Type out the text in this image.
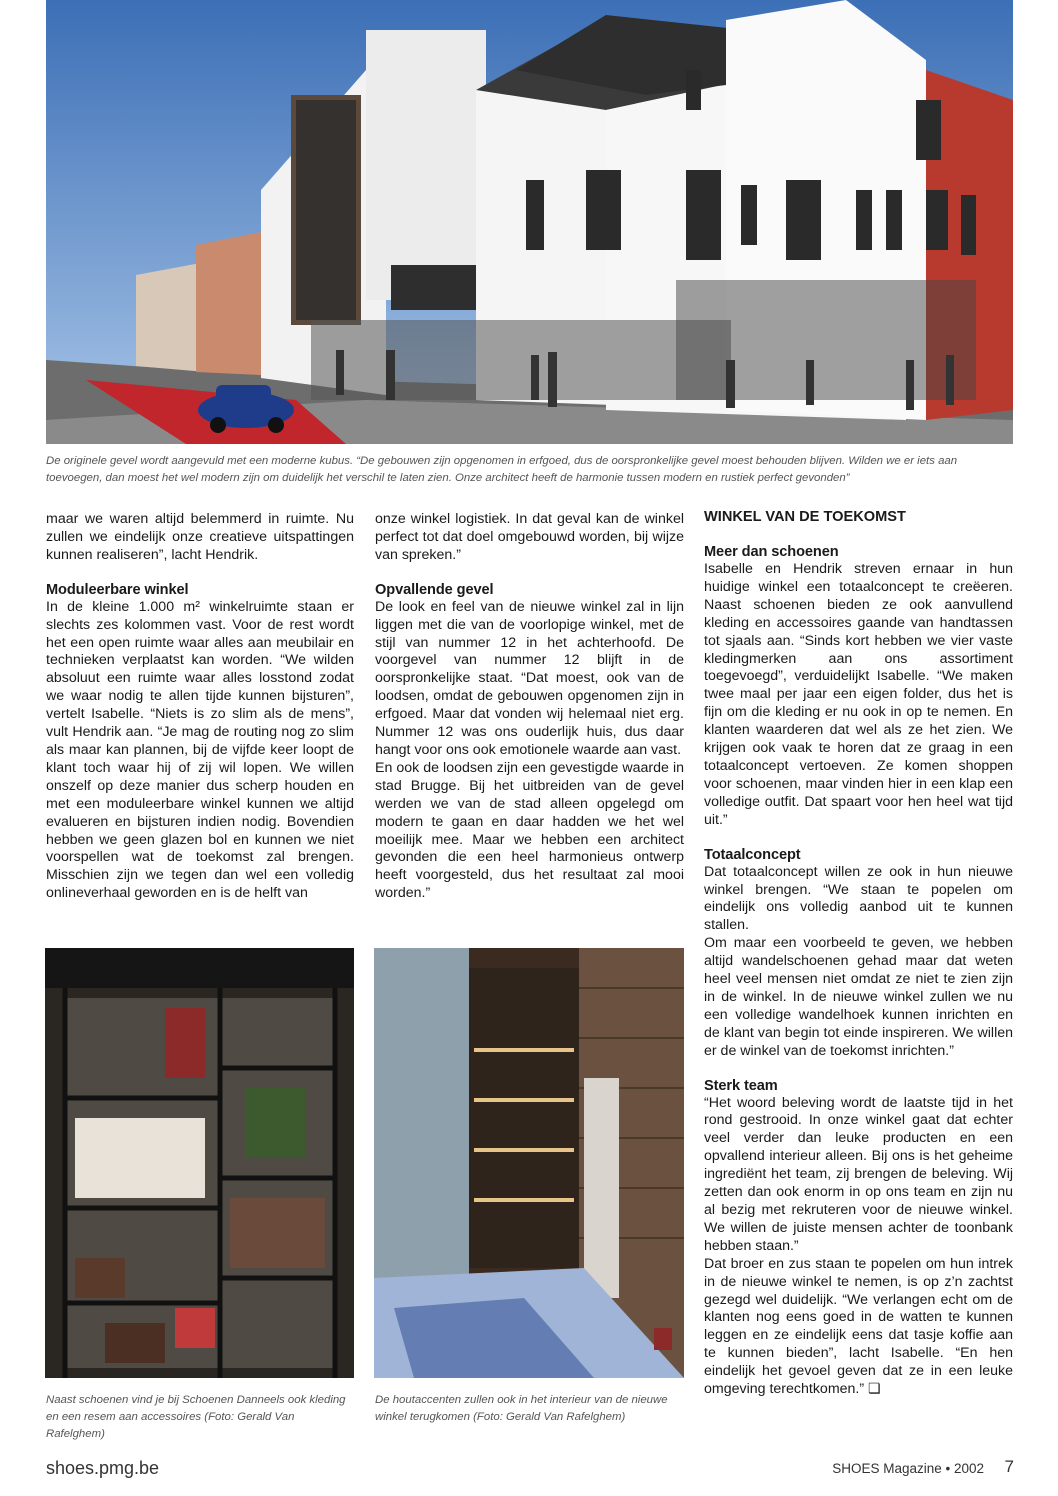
De originele gevel wordt aangevuld met een moderne kubus. “De gebouwen zijn opgenomen in erfgoed, dus de oorspronkelijke gevel moest behouden blijven. Wilden we er iets aan toevoegen, dan moest het wel modern zijn om duidelijk het verschil te laten zien. Onze architect heeft de harmonie tussen modern en rustiek perfect gevonden”

maar we waren altijd belemmerd in ruimte. Nu zullen we eindelijk onze creatieve uitspattingen kunnen realiseren”, lacht Hendrik.

Moduleerbare winkel

In de kleine 1.000 m² winkelruimte staan er slechts zes kolommen vast. Voor de rest wordt het een open ruimte waar alles aan meubilair en technieken verplaatst kan worden. “We wilden absoluut een ruimte waar alles losstond zodat we waar nodig te allen tijde kunnen bijsturen”, vertelt Isabelle. “Niets is zo slim als de mens”, vult Hendrik aan. “Je mag de routing nog zo slim als maar kan plannen, bij de vijfde keer loopt de klant toch waar hij of zij wil lopen. We willen onszelf op deze manier dus scherp houden en met een moduleerbare winkel kunnen we altijd evalueren en bijsturen indien nodig. Bovendien hebben we geen glazen bol en kunnen we niet voorspellen wat de toekomst zal brengen. Misschien zijn we tegen dan wel een volledig onlineverhaal geworden en is de helft van

onze winkel logistiek. In dat geval kan de winkel perfect tot dat doel omgebouwd worden, bij wijze van spreken.”

Opvallende gevel

De look en feel van de nieuwe winkel zal in lijn liggen met die van de voorlopige winkel, met de stijl van nummer 12 in het achterhoofd. De voorgevel van nummer 12 blijft in de oorspronkelijke staat. “Dat moest, ook van de loodsen, omdat de gebouwen opgenomen zijn in erfgoed. Maar dat vonden wij helemaal niet erg. Nummer 12 was ons ouderlijk huis, dus daar hangt voor ons ook emotionele waarde aan vast.

En ook de loodsen zijn een gevestigde waarde in stad Brugge. Bij het uitbreiden van de gevel werden we van de stad alleen opgelegd om modern te gaan en daar hadden we het wel moeilijk mee. Maar we hebben een architect gevonden die een heel harmonieus ontwerp heeft voorgesteld, dus het resultaat zal mooi worden.”

WINKEL VAN DE TOEKOMST
Meer dan schoenen

Isabelle en Hendrik streven ernaar in hun huidige winkel een totaalconcept te creëeren. Naast schoenen bieden ze ook aanvullend kleding en accessoires gaande van handtassen tot sjaals aan. “Sinds kort hebben we vier vaste kledingmerken aan ons assortiment toegevoegd”, verduidelijkt Isabelle. “We maken twee maal per jaar een eigen folder, dus het is fijn om die kleding er nu ook in op te nemen. En klanten waarderen dat wel als ze het zien. We krijgen ook vaak te horen dat ze graag in een totaalconcept vertoeven. Ze komen shoppen voor schoenen, maar vinden hier in een klap een volledige outfit. Dat spaart voor hen heel wat tijd uit.”

Totaalconcept

Dat totaalconcept willen ze ook in hun nieuwe winkel brengen. “We staan te popelen om eindelijk ons volledig aanbod uit te kunnen stallen.

Om maar een voorbeeld te geven, we hebben altijd wandelschoenen gehad maar dat weten heel veel mensen niet omdat ze niet te zien zijn in de winkel. In de nieuwe winkel zullen we nu een volledige wandelhoek kunnen inrichten en de klant van begin tot einde inspireren. We willen er de winkel van de toekomst inrichten.”

Sterk team

“Het woord beleving wordt de laatste tijd in het rond gestrooid. In onze winkel gaat dat echter veel verder dan leuke producten en een opvallend interieur alleen. Bij ons is het geheime ingrediënt het team, zij brengen de beleving. Wij zetten dan ook enorm in op ons team en zijn nu al bezig met rekruteren voor de nieuwe winkel. We willen de juiste mensen achter de toonbank hebben staan.”

Dat broer en zus staan te popelen om hun intrek in de nieuwe winkel te nemen, is op z’n zachtst gezegd wel duidelijk. “We verlangen echt om de klanten nog eens goed in de watten te kunnen leggen en ze eindelijk eens dat tasje koffie aan te kunnen bieden”, lacht Isabelle. “En hen eindelijk het gevoel geven dat ze in een leuke omgeving terechtkomen.” ❏

Naast schoenen vind je bij Schoenen Danneels ook kleding en een resem aan accessoires (Foto: Gerald Van Rafelghem)
De houtaccenten zullen ook in het interieur van de nieuwe winkel terugkomen (Foto: Gerald Van Rafelghem)
shoes.pmg.be	SHOES Magazine • 2002 7
